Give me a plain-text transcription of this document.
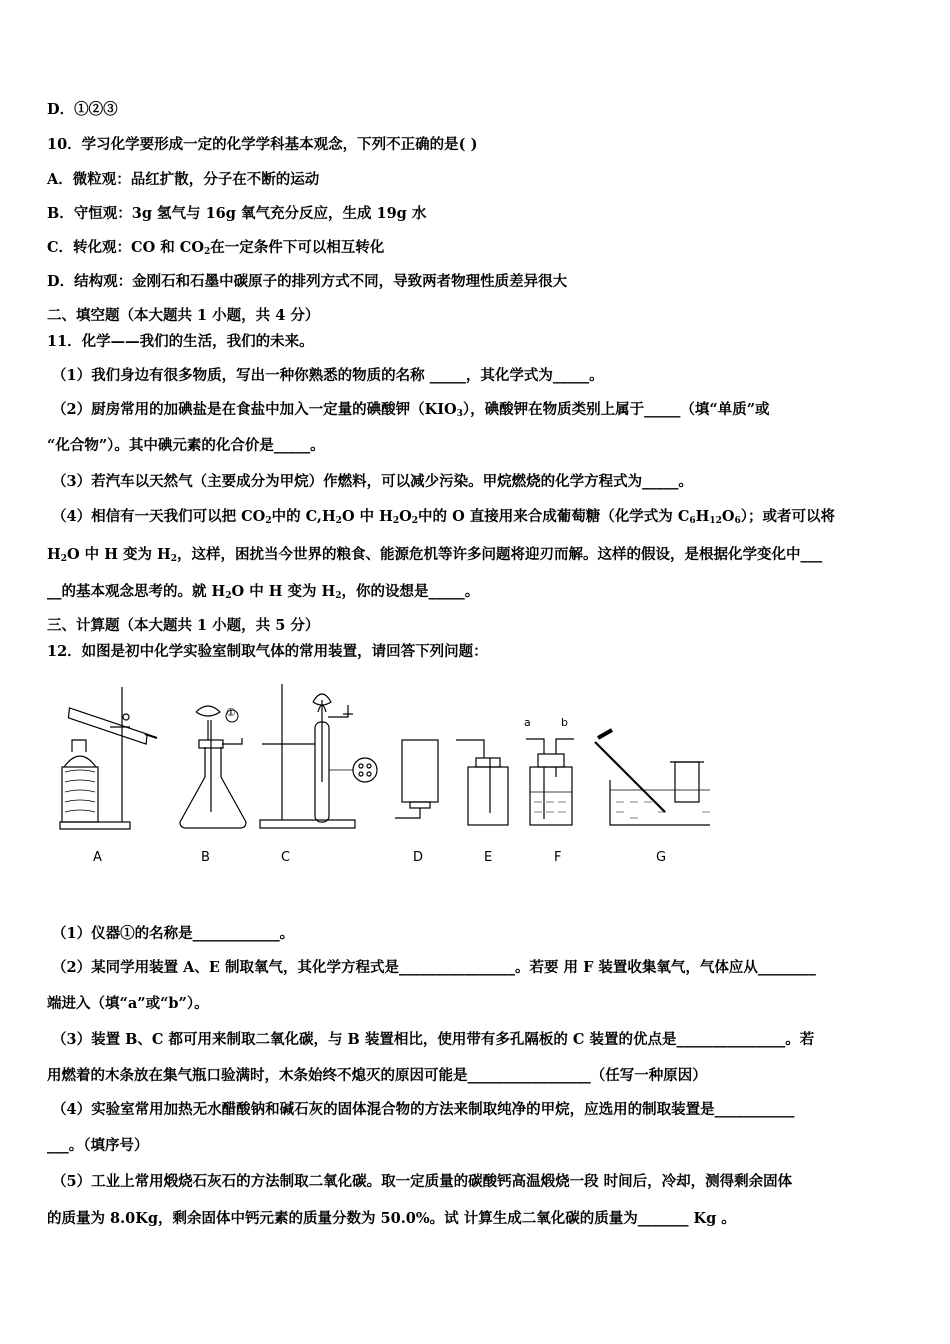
D．①②③
10．学习化学要形成一定的化学学科基本观念，下列不正确的是( )
A．微粒观：品红扩散，分子在不断的运动
B．守恒观：3g 氢气与 16g 氧气充分反应，生成 19g 水
C．转化观：CO 和 $CO_2$在一定条件下可以相互转化
D．结构观：金刚石和石墨中碳原子的排列方式不同，导致两者物理性质差异很大
二、填空题（本大题共 1 小题，共 4 分）
11．化学——我们的生活，我们的未来。
（1）我们身边有很多物质，写出一种你熟悉的物质的名称 _____，其化学式为_____。
（2）厨房常用的加碘盐是在食盐中加入一定量的碘酸钾$(KIO_3)$，碘酸钾在物质类别上属于_____（填“单质”或
“化合物”）。其中碘元素的化合价是_____。
（3）若汽车以天然气（主要成分为甲烷）作燃料，可以减少污染。甲烷燃烧的化学方程式为_____。
（4）相信有一天我们可以把 $CO_2$中的 $C,H_2O$ 中 $H_2O_2$中的 O 直接用来合成葡萄糖（化学式为 $C_6H_{12}O_6$）；或者可以将
$H_2O$ 中 H 变为 $H_2$，这样，困扰当今世界的粮食、能源危机等许多问题将迎刃而解。这样的假设，是根据化学变化中___
__的基本观念思考的。就 $H_2O$ 中 H 变为 $H_2$，你的设想是_____。
三、计算题（本大题共 1 小题，共 5 分）
12．如图是初中化学实验室制取气体的常用装置，请回答下列问题：
①
a	b
A	B	C	D	E	F	G
（1）仪器①的名称是____________。
（2）某同学用装置 A、E 制取氧气，其化学方程式是________________。若要 用 F 装置收集氧气，气体应从________
端进入（填“a”或“b”）。
（3）装置 B、C 都可用来制取二氧化碳，与 B 装置相比，使用带有多孔隔板的 C 装置的优点是_______________。若
用燃着的木条放在集气瓶口验满时，木条始终不熄灭的原因可能是_________________（任写一种原因）
（4）实验室常用加热无水醋酸钠和碱石灰的固体混合物的方法来制取纯净的甲烷，应选用的制取装置是___________
___。（填序号）
（5）工业上常用煅烧石灰石的方法制取二氧化碳。取一定质量的碳酸钙高温煅烧一段 时间后，冷却，测得剩余固体
的质量为 8.0Kg，剩余固体中钙元素的质量分数为 50.0%。试 计算生成二氧化碳的质量为_______ Kg 。
